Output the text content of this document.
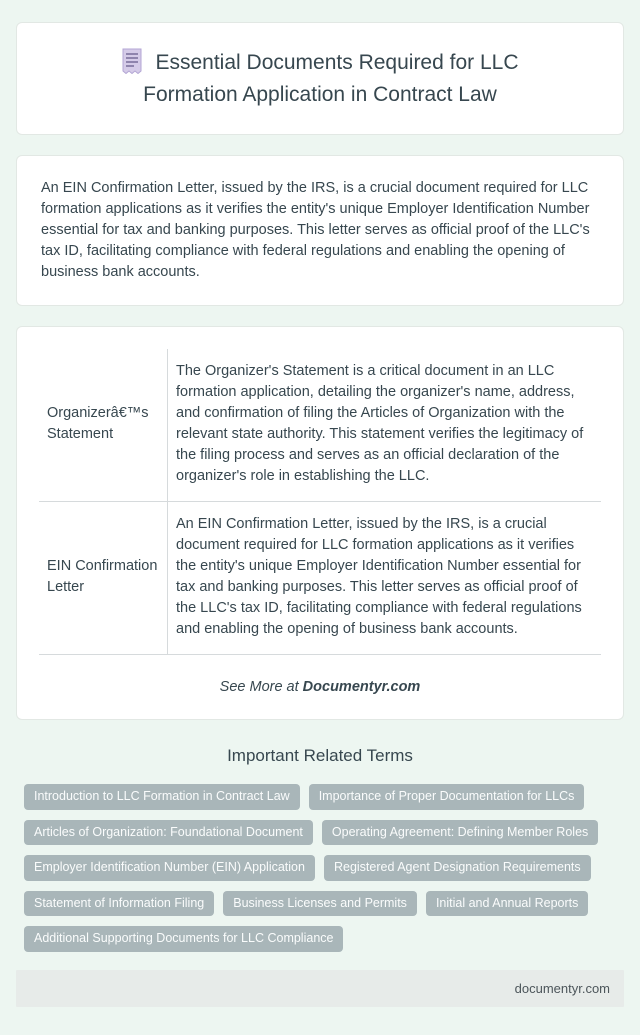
Essential Documents Required for LLC Formation Application in Contract Law

An EIN Confirmation Letter, issued by the IRS, is a crucial document required for LLC formation applications as it verifies the entity's unique Employer Identification Number essential for tax and banking purposes. This letter serves as official proof of the LLC's tax ID, facilitating compliance with federal regulations and enabling the opening of business bank accounts.

Organizerâ€™s Statement	The Organizer's Statement is a critical document in an LLC formation application, detailing the organizer's name, address, and confirmation of filing the Articles of Organization with the relevant state authority. This statement verifies the legitimacy of the filing process and serves as an official declaration of the organizer's role in establishing the LLC.
EIN Confirmation Letter	An EIN Confirmation Letter, issued by the IRS, is a crucial document required for LLC formation applications as it verifies the entity's unique Employer Identification Number essential for tax and banking purposes. This letter serves as official proof of the LLC's tax ID, facilitating compliance with federal regulations and enabling the opening of business bank accounts.

See More at Documentyr.com

Important Related Terms
Introduction to LLC Formation in Contract Law	Importance of Proper Documentation for LLCs
Articles of Organization: Foundational Document	Operating Agreement: Defining Member Roles
Employer Identification Number (EIN) Application	Registered Agent Designation Requirements
Statement of Information Filing	Business Licenses and Permits	Initial and Annual Reports
Additional Supporting Documents for LLC Compliance
documentyr.com
